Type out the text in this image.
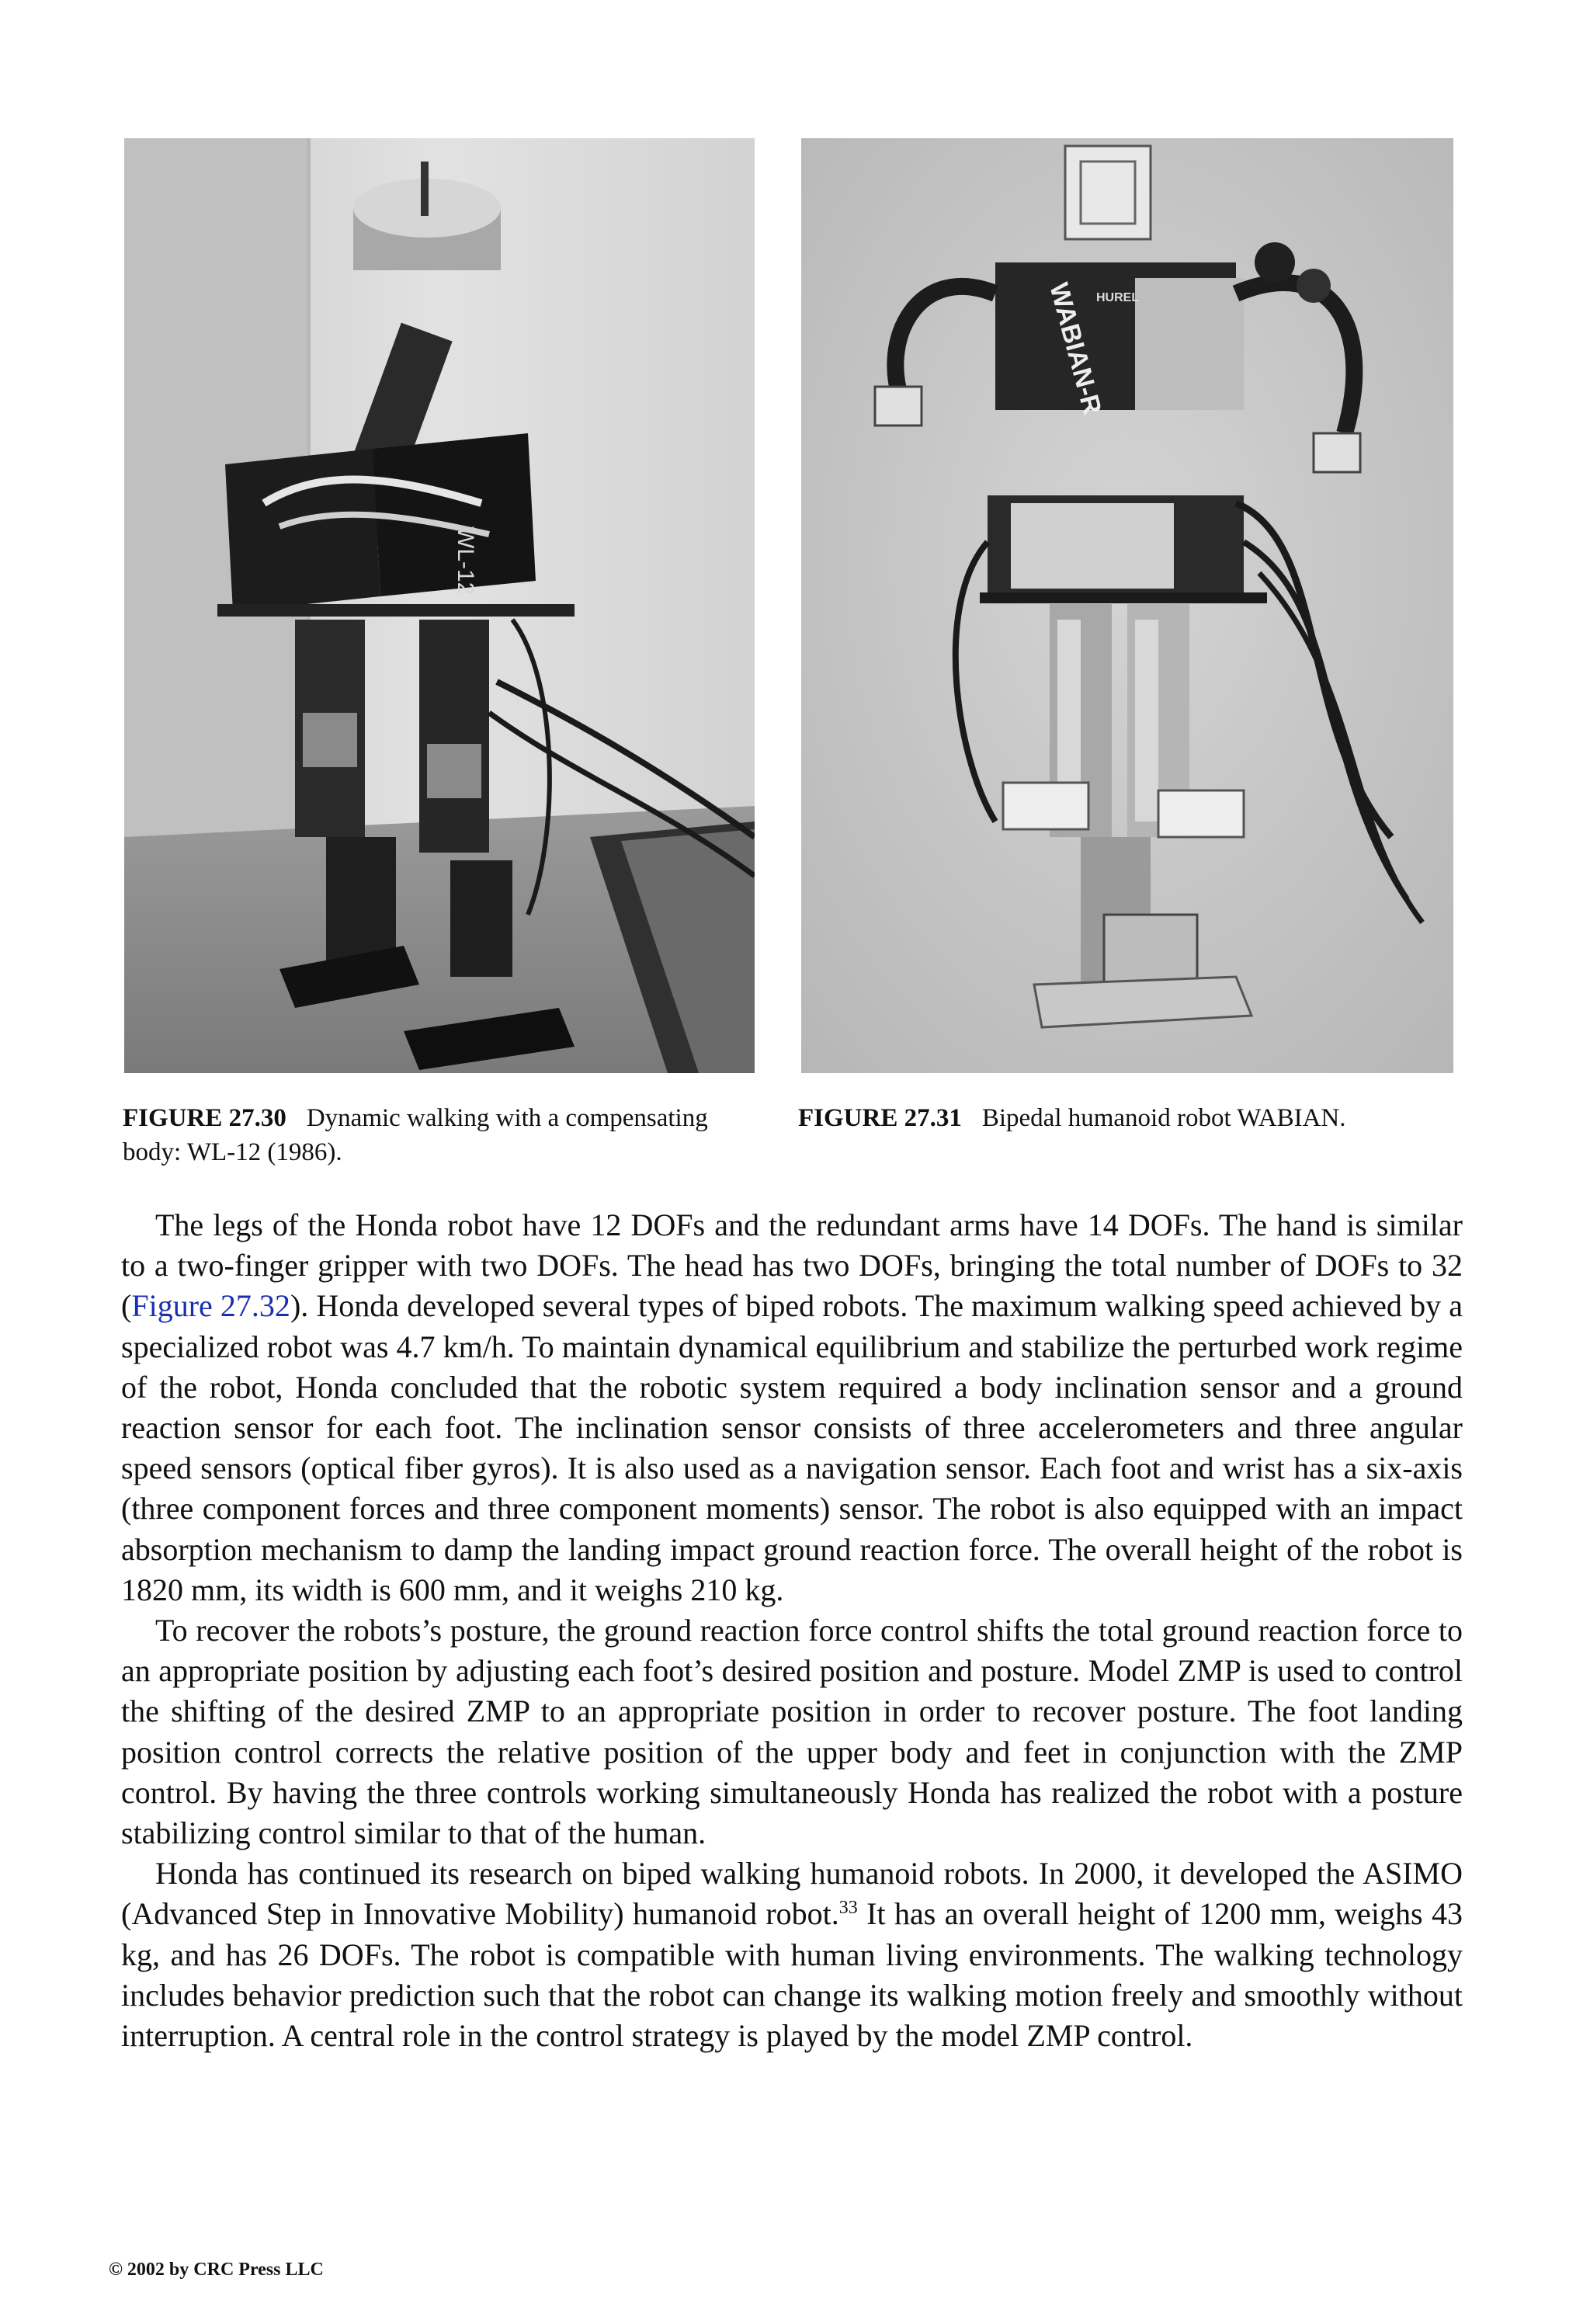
WL-12
WABIAN-R
HUREL
FIGURE 27.30 Dynamic walking with a compensating body: WL-12 (1986).
FIGURE 27.31 Bipedal humanoid robot WABIAN.

The legs of the Honda robot have 12 DOFs and the redundant arms have 14 DOFs. The hand is similar to a two-finger gripper with two DOFs. The head has two DOFs, bringing the total number of DOFs to 32 (Figure 27.32). Honda developed several types of biped robots. The maximum walking speed achieved by a specialized robot was 4.7 km/h. To maintain dynamical equilibrium and stabilize the perturbed work regime of the robot, Honda concluded that the robotic system required a body inclination sensor and a ground reaction sensor for each foot. The inclination sensor consists of three accelerometers and three angular speed sensors (optical fiber gyros). It is also used as a navigation sensor. Each foot and wrist has a six-axis (three component forces and three component moments) sensor. The robot is also equipped with an impact absorption mechanism to damp the landing impact ground reaction force. The overall height of the robot is 1820 mm, its width is 600 mm, and it weighs 210 kg.

To recover the robots’s posture, the ground reaction force control shifts the total ground reaction force to an appropriate position by adjusting each foot’s desired position and posture. Model ZMP is used to control the shifting of the desired ZMP to an appropriate position in order to recover posture. The foot landing position control corrects the relative position of the upper body and feet in conjunction with the ZMP control. By having the three controls working simultaneously Honda has realized the robot with a posture stabilizing control similar to that of the human.

Honda has continued its research on biped walking humanoid robots. In 2000, it developed the ASIMO (Advanced Step in Innovative Mobility) humanoid robot.$^{33}$ It has an overall height of 1200 mm, weighs 43 kg, and has 26 DOFs. The robot is compatible with human living environments. The walking technology includes behavior prediction such that the robot can change its walking motion freely and smoothly without interruption. A central role in the control strategy is played by the model ZMP control.

© 2002 by CRC Press LLC
